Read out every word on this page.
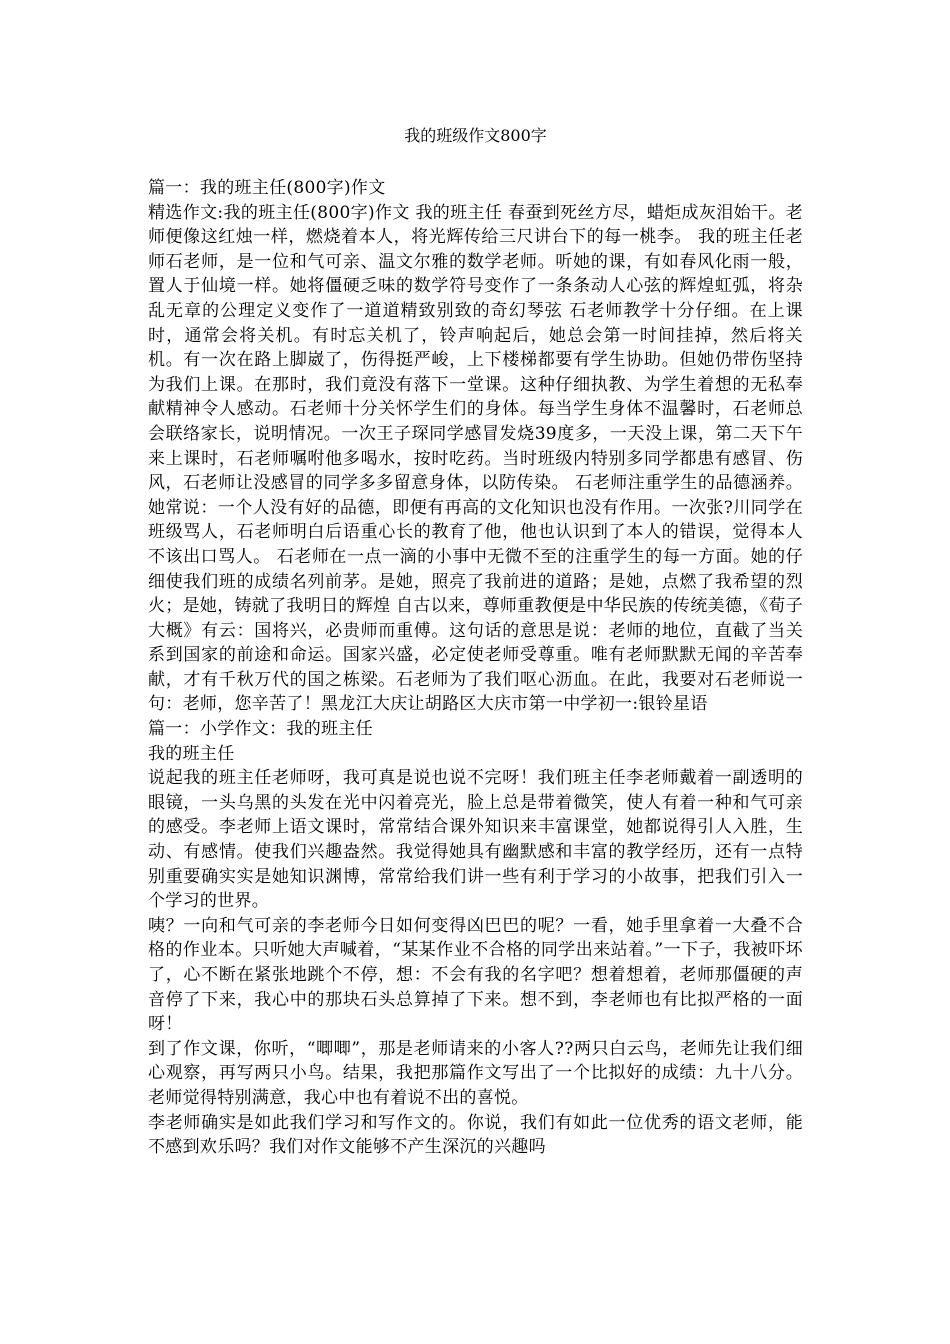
我的班级作文800字

篇一：我的班主任(800字)作文

精选作文:我的班主任(800字)作文 我的班主任 春蚕到死丝方尽，蜡炬成灰泪始干。老师便像这红烛一样，燃烧着本人，将光辉传给三尺讲台下的每一桃李。 我的班主任老师石老师，是一位和气可亲、温文尔雅的数学老师。听她的课，有如春风化雨一般，置人于仙境一样。她将僵硬乏味的数学符号变作了一条条动人心弦的辉煌虹弧，将杂乱无章的公理定义变作了一道道精致别致的奇幻琴弦 石老师教学十分仔细。在上课时，通常会将关机。有时忘关机了，铃声响起后，她总会第一时间挂掉，然后将关机。有一次在路上脚崴了，伤得挺严峻，上下楼梯都要有学生协助。但她仍带伤坚持为我们上课。在那时，我们竟没有落下一堂课。这种仔细执教、为学生着想的无私奉献精神令人感动。石老师十分关怀学生们的身体。每当学生身体不温馨时，石老师总会联络家长，说明情况。一次王子琛同学感冒发烧39度多，一天没上课，第二天下午来上课时，石老师嘱咐他多喝水，按时吃药。当时班级内特别多同学都患有感冒、伤风，石老师让没感冒的同学多多留意身体，以防传染。 石老师注重学生的品德涵养。她常说：一个人没有好的品德，即便有再高的文化知识也没有作用。一次张?川同学在班级骂人，石老师明白后语重心长的教育了他，他也认识到了本人的错误，觉得本人不该出口骂人。 石老师在一点一滴的小事中无微不至的注重学生的每一方面。她的仔细使我们班的成绩名列前茅。是她，照亮了我前进的道路；是她，点燃了我希望的烈火；是她，铸就了我明日的辉煌 自古以来，尊师重教便是中华民族的传统美德，《荀子大概》有云：国将兴，必贵师而重傅。这句话的意思是说：老师的地位，直截了当关系到国家的前途和命运。国家兴盛，必定使老师受尊重。唯有老师默默无闻的辛苦奉献，才有千秋万代的国之栋梁。石老师为了我们呕心沥血。在此，我要对石老师说一句：老师，您辛苦了！黑龙江大庆让胡路区大庆市第一中学初一:银铃星语

篇一：小学作文：我的班主任

我的班主任

说起我的班主任老师呀，我可真是说也说不完呀！我们班主任李老师戴着一副透明的眼镜，一头乌黑的头发在光中闪着亮光，脸上总是带着微笑，使人有着一种和气可亲的感受。李老师上语文课时，常常结合课外知识来丰富课堂，她都说得引人入胜，生动、有感情。使我们兴趣盎然。我觉得她具有幽默感和丰富的教学经历，还有一点特别重要确实实是她知识渊博，常常给我们讲一些有利于学习的小故事，把我们引入一个学习的世界。

咦？一向和气可亲的李老师今日如何变得凶巴巴的呢？一看，她手里拿着一大叠不合格的作业本。只听她大声喊着，“某某作业不合格的同学出来站着。”一下子，我被吓坏了，心不断在紧张地跳个不停，想：不会有我的名字吧？想着想着，老师那僵硬的声音停了下来，我心中的那块石头总算掉了下来。想不到，李老师也有比拟严格的一面呀！

到了作文课，你听，“唧唧”，那是老师请来的小客人??两只白云鸟，老师先让我们细心观察，再写两只小鸟。结果，我把那篇作文写出了一个比拟好的成绩：九十八分。老师觉得特别满意，我心中也有着说不出的喜悦。

李老师确实是如此我们学习和写作文的。你说，我们有如此一位优秀的语文老师，能不感到欢乐吗？我们对作文能够不产生深沉的兴趣吗
